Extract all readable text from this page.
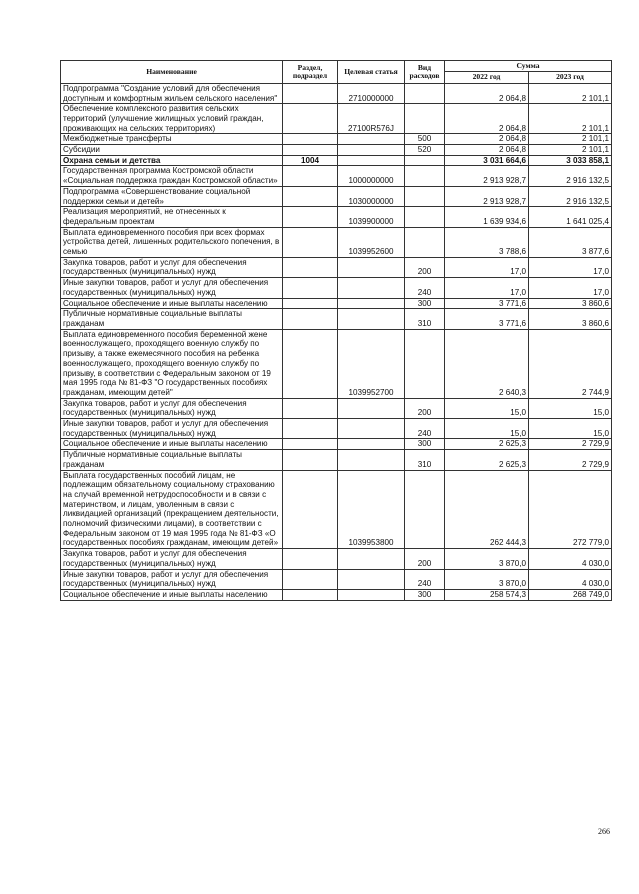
Наименование	Раздел, подраздел	Целевая статья	Вид расходов	Сумма	
				2022 год	2023 год
Подпрограмма "Создание условий для обеспечения доступным и комфортным жильем сельского населения"		2710000000		2 064,8	2 101,1
Обеспечение комплексного развития сельских территорий (улучшение жилищных условий граждан, проживающих на сельских территориях)		27100R576J		2 064,8	2 101,1
Межбюджетные трансферты			500	2 064,8	2 101,1
Субсидии			520	2 064,8	2 101,1
Охрана семьи и детства	1004			3 031 664,6	3 033 858,1
Государственная программа Костромской области «Социальная поддержка граждан Костромской области»		1000000000		2 913 928,7	2 916 132,5
Подпрограмма «Совершенствование социальной поддержки семьи и детей»		1030000000		2 913 928,7	2 916 132,5
Реализация мероприятий, не отнесенных к федеральным проектам		1039900000		1 639 934,6	1 641 025,4
Выплата единовременного пособия при всех формах устройства детей, лишенных родительского попечения, в семью		1039952600		3 788,6	3 877,6
Закупка товаров, работ и услуг для обеспечения государственных (муниципальных) нужд			200	17,0	17,0
Иные закупки товаров, работ и услуг для обеспечения государственных (муниципальных) нужд			240	17,0	17,0
Социальное обеспечение и иные выплаты населению			300	3 771,6	3 860,6
Публичные нормативные социальные выплаты гражданам			310	3 771,6	3 860,6
Выплата единовременного пособия беременной жене военнослужащего, проходящего военную службу по призыву, а также ежемесячного пособия на ребенка военнослужащего, проходящего военную службу по призыву, в соответствии с Федеральным законом от 19 мая 1995 года № 81-ФЗ "О государственных пособиях гражданам, имеющим детей"		1039952700		2 640,3	2 744,9
Закупка товаров, работ и услуг для обеспечения государственных (муниципальных) нужд			200	15,0	15,0
Иные закупки товаров, работ и услуг для обеспечения государственных (муниципальных) нужд			240	15,0	15,0
Социальное обеспечение и иные выплаты населению			300	2 625,3	2 729,9
Публичные нормативные социальные выплаты гражданам			310	2 625,3	2 729,9
Выплата государственных пособий лицам, не подлежащим обязательному социальному страхованию на случай временной нетрудоспособности и в связи с материнством, и лицам, уволенным в связи с ликвидацией организаций (прекращением деятельности, полномочий физическими лицами), в соответствии с Федеральным законом от 19 мая 1995 года № 81-ФЗ «О государственных пособиях гражданам, имеющим детей»		1039953800		262 444,3	272 779,0
Закупка товаров, работ и услуг для обеспечения государственных (муниципальных) нужд			200	3 870,0	4 030,0
Иные закупки товаров, работ и услуг для обеспечения государственных (муниципальных) нужд			240	3 870,0	4 030,0
Социальное обеспечение и иные выплаты населению			300	258 574,3	268 749,0
266
